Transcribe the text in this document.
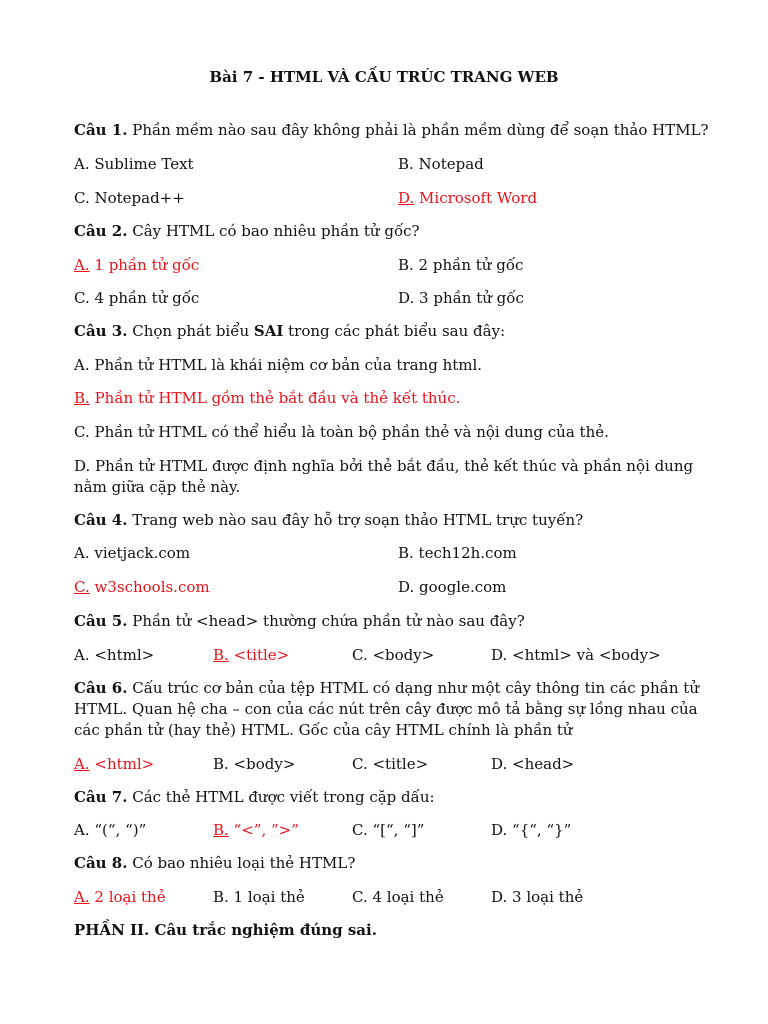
Bài 7 - HTML VÀ CẤU TRÚC TRANG WEB
Câu 1. Phần mềm nào sau đây không phải là phần mềm dùng để soạn thảo HTML?
A. Sublime Text	B. Notepad
C. Notepad++	D. Microsoft Word
Câu 2. Cây HTML có bao nhiêu phần tử gốc?
A. 1 phần tử gốc	B. 2 phần tử gốc
C. 4 phần tử gốc	D. 3 phần tử gốc
Câu 3. Chọn phát biểu SAI trong các phát biểu sau đây:
A. Phần tử HTML là khái niệm cơ bản của trang html.
B. Phần tử HTML gồm thẻ bắt đầu và thẻ kết thúc.
C. Phần tử HTML có thể hiểu là toàn bộ phần thẻ và nội dung của thẻ.
D. Phần tử HTML được định nghĩa bởi thẻ bắt đầu, thẻ kết thúc và phần nội dung nằm giữa cặp thẻ này.
Câu 4. Trang web nào sau đây hỗ trợ soạn thảo HTML trực tuyến?
A. vietjack.com	B. tech12h.com
C. w3schools.com	D. google.com
Câu 5. Phần tử <head> thường chứa phần tử nào sau đây?
A. <html>	B. <title>	C. <body>	D. <html> và <body>
Câu 6. Cấu trúc cơ bản của tệp HTML có dạng như một cây thông tin các phần tử HTML. Quan hệ cha – con của các nút trên cây được mô tả bằng sự lồng nhau của các phần tử (hay thẻ) HTML. Gốc của cây HTML chính là phần tử
A. <html>	B. <body>	C. <title>	D. <head>
Câu 7. Các thẻ HTML được viết trong cặp dấu:
A. “(“, “)”	B. “<”, ”>”	C. “[“, “]”	D. “{“, “}”
Câu 8. Có bao nhiêu loại thẻ HTML?
A. 2 loại thẻ	B. 1 loại thẻ	C. 4 loại thẻ	D. 3 loại thẻ
PHẦN II. Câu trắc nghiệm đúng sai.
